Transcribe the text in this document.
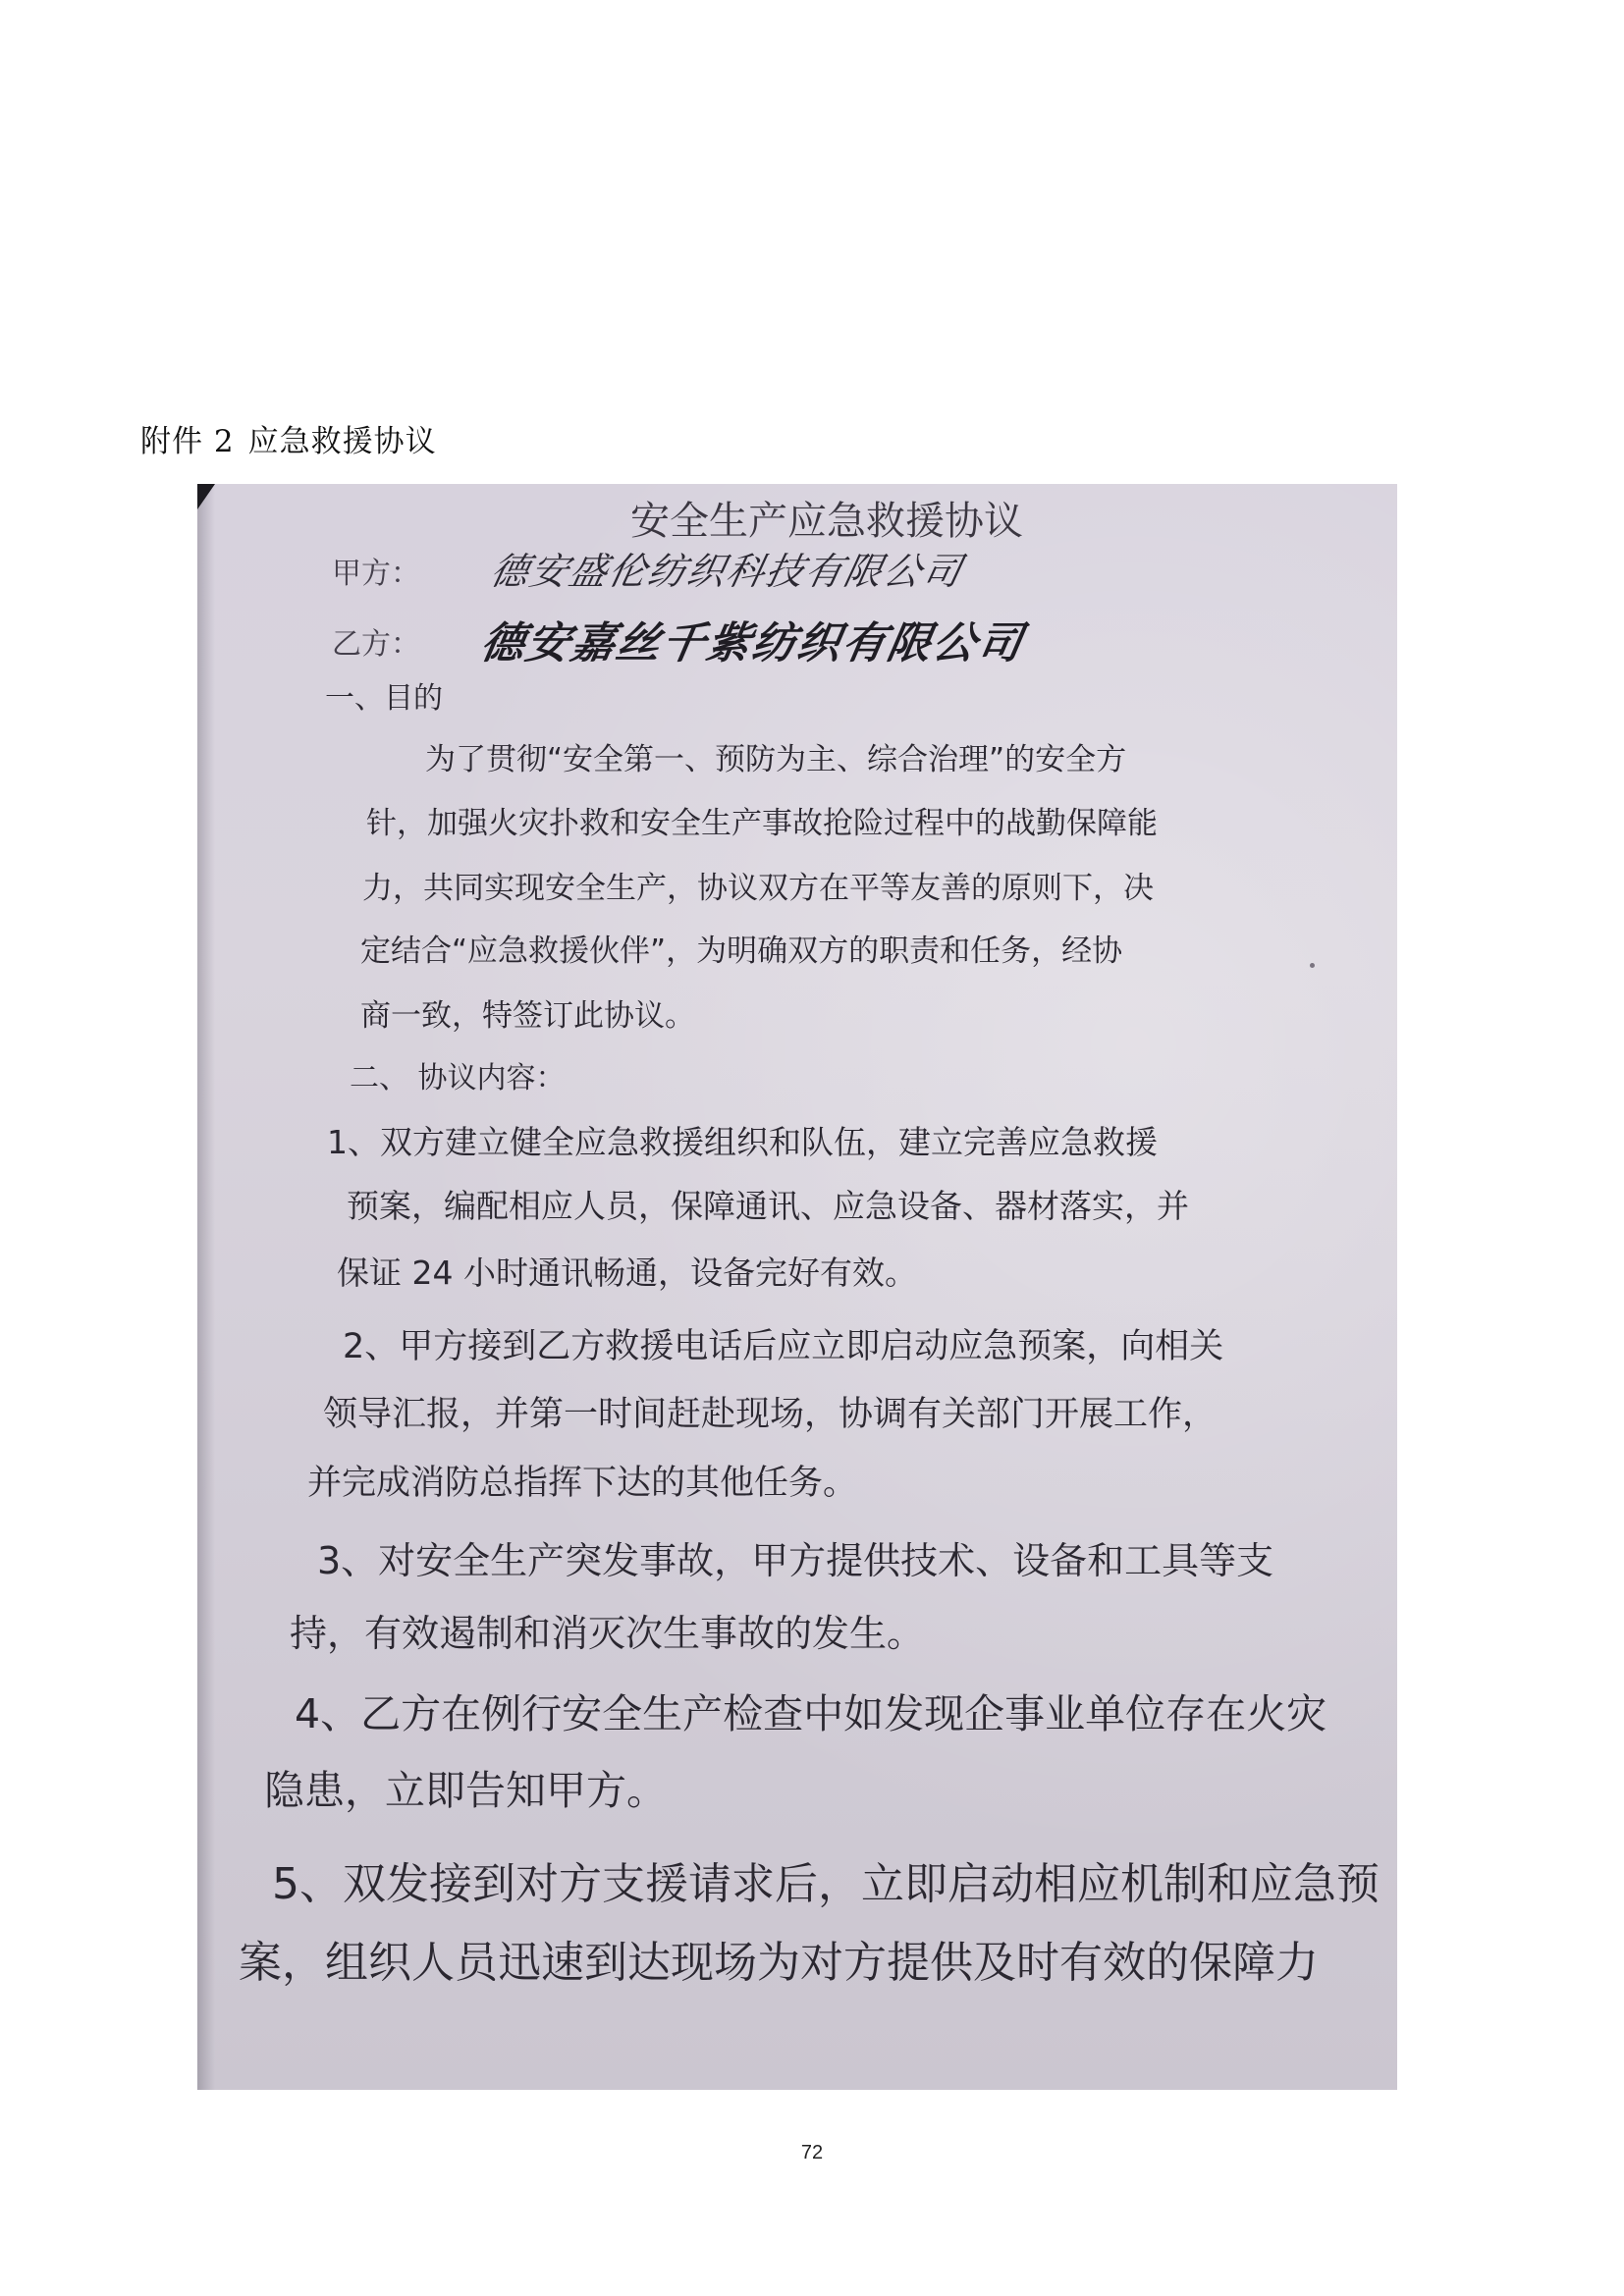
附件 2 应急救援协议
安全生产应急救援协议
甲方： 德安盛伦纺织科技有限公司
乙方： 德安嘉丝千紫纺织有限公司
一、目的
为了贯彻“安全第一、预防为主、综合治理”的安全方
针，加强火灾扑救和安全生产事故抢险过程中的战勤保障能
力，共同实现安全生产，协议双方在平等友善的原则下，决
定结合“应急救援伙伴”，为明确双方的职责和任务，经协
商一致，特签订此协议。
二、 协议内容：
1、双方建立健全应急救援组织和队伍，建立完善应急救援
预案，编配相应人员，保障通讯、应急设备、器材落实，并
保证 24 小时通讯畅通，设备完好有效。
2、甲方接到乙方救援电话后应立即启动应急预案，向相关
领导汇报，并第一时间赶赴现场，协调有关部门开展工作，
并完成消防总指挥下达的其他任务。
3、对安全生产突发事故，甲方提供技术、设备和工具等支
持，有效遏制和消灭次生事故的发生。
4、乙方在例行安全生产检查中如发现企事业单位存在火灾
隐患，立即告知甲方。
5、双发接到对方支援请求后，立即启动相应机制和应急预
案，组织人员迅速到达现场为对方提供及时有效的保障力
72
